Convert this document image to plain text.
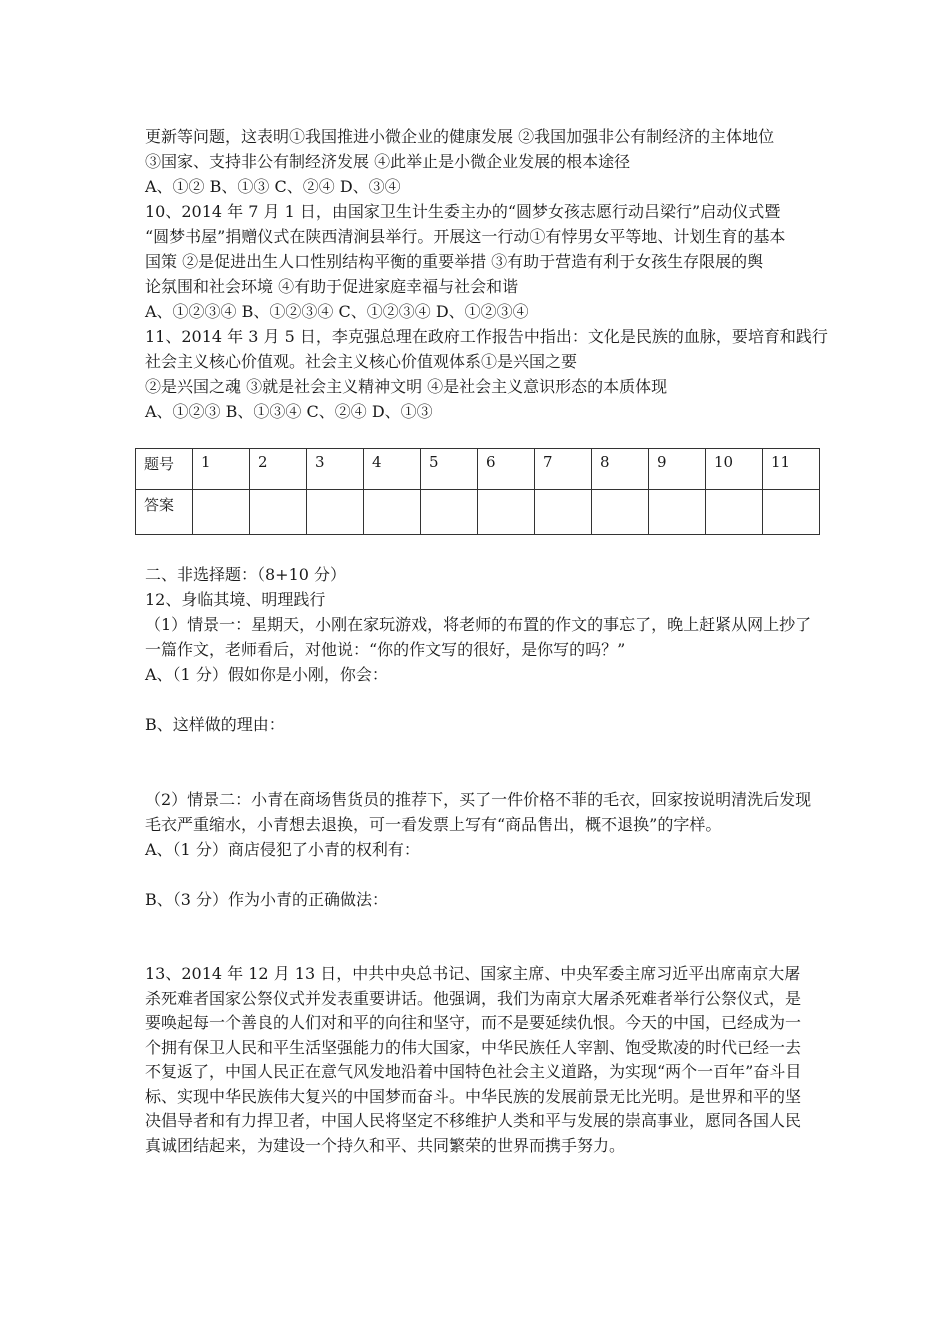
更新等问题，这表明①我国推进小微企业的健康发展 ②我国加强非公有制经济的主体地位
③国家、支持非公有制经济发展 ④此举止是小微企业发展的根本途径
A、①② B、①③ C、②④ D、③④
10、2014 年 7 月 1 日，由国家卫生计生委主办的“圆梦女孩志愿行动吕梁行”启动仪式暨
“圆梦书屋”捐赠仪式在陕西清涧县举行。开展这一行动①有悖男女平等地、计划生育的基本
国策 ②是促进出生人口性别结构平衡的重要举措 ③有助于营造有利于女孩生存限展的舆
论氛围和社会环境 ④有助于促进家庭幸福与社会和谐
A、①②③④ B、①②③④ C、①②③④ D、①②③④
11、2014 年 3 月 5 日，李克强总理在政府工作报告中指出：文化是民族的血脉，要培育和践行
社会主义核心价值观。社会主义核心价值观体系①是兴国之要
②是兴国之魂 ③就是社会主义精神文明 ④是社会主义意识形态的本质体现
A、①②③ B、①③④ C、②④ D、①③
题号	1	2	3	4	5	6	7	8	9	10	11
答案											
二、非选择题：（8+10 分）
12、身临其境、明理践行
（1）情景一：星期天，小刚在家玩游戏，将老师的布置的作文的事忘了，晚上赶紧从网上抄了
一篇作文，老师看后，对他说：“你的作文写的很好，是你写的吗？”
A、（1 分）假如你是小刚，你会：
B、这样做的理由：
（2）情景二：小青在商场售货员的推荐下，买了一件价格不菲的毛衣，回家按说明清洗后发现
毛衣严重缩水，小青想去退换，可一看发票上写有“商品售出，概不退换”的字样。
A、（1 分）商店侵犯了小青的权利有：
B、（3 分）作为小青的正确做法：
13、2014 年 12 月 13 日，中共中央总书记、国家主席、中央军委主席习近平出席南京大屠杀死难者国家公祭仪式并发表重要讲话。他强调，我们为南京大屠杀死难者举行公祭仪式，是要唤起每一个善良的人们对和平的向往和坚守，而不是要延续仇恨。今天的中国，已经成为一个拥有保卫人民和平生活坚强能力的伟大国家，中华民族任人宰割、饱受欺凌的时代已经一去不复返了，中国人民正在意气风发地沿着中国特色社会主义道路，为实现“两个一百年”奋斗目标、实现中华民族伟大复兴的中国梦而奋斗。中华民族的发展前景无比光明。是世界和平的坚决倡导者和有力捍卫者，中国人民将坚定不移维护人类和平与发展的崇高事业，愿同各国人民真诚团结起来，为建设一个持久和平、共同繁荣的世界而携手努力。
